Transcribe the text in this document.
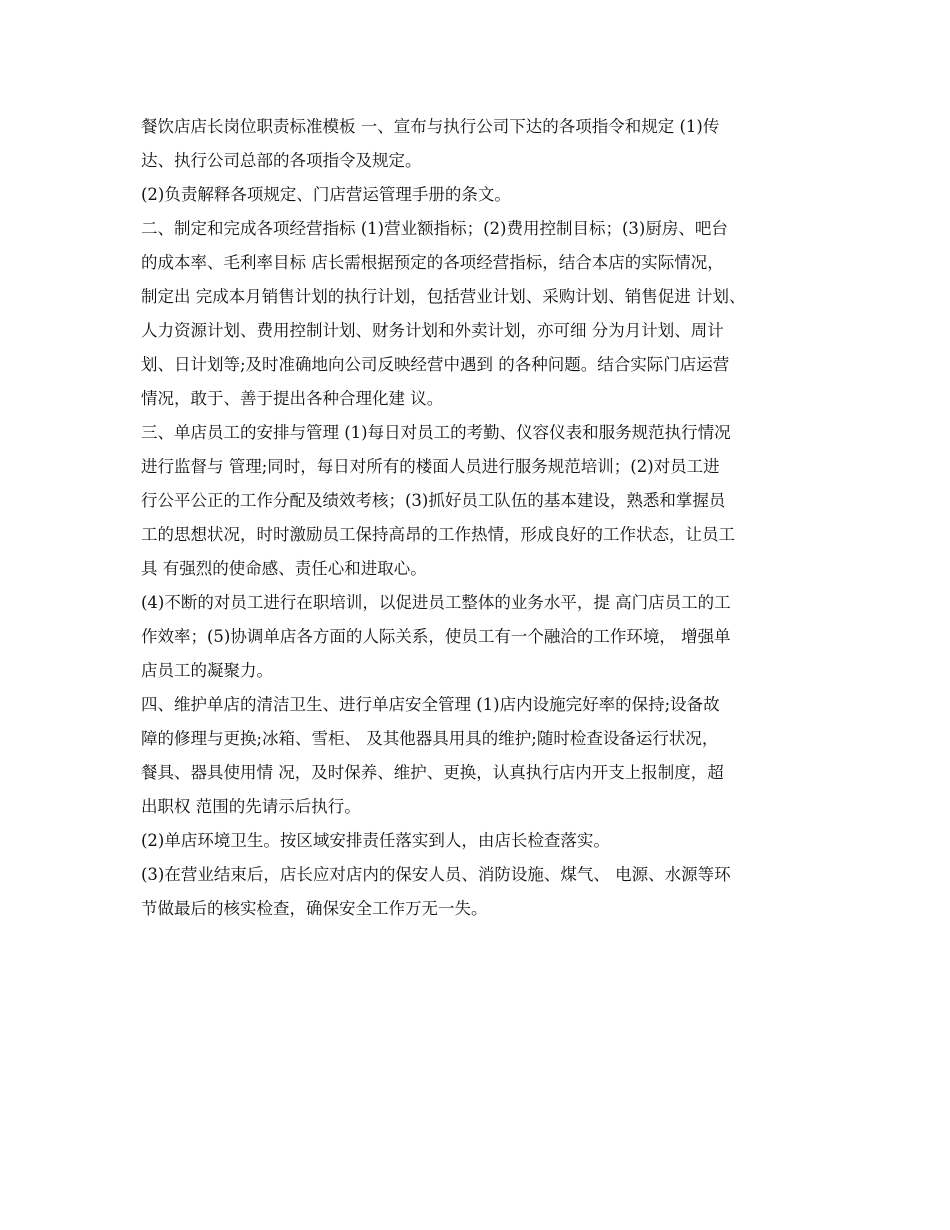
餐饮店店长岗位职责标准模板 一、宣布与执行公司下达的各项指令和规定 (1)传
达、执行公司总部的各项指令及规定。
(2)负责解释各项规定、门店营运管理手册的条文。
二、制定和完成各项经营指标 (1)营业额指标；(2)费用控制目标；(3)厨房、吧台
的成本率、毛利率目标 店长需根据预定的各项经营指标，结合本店的实际情况，
制定出 完成本月销售计划的执行计划，包括营业计划、采购计划、销售促进 计划、
人力资源计划、费用控制计划、财务计划和外卖计划，亦可细 分为月计划、周计
划、日计划等;及时准确地向公司反映经营中遇到 的各种问题。结合实际门店运营
情况，敢于、善于提出各种合理化建 议。
三、单店员工的安排与管理 (1)每日对员工的考勤、仪容仪表和服务规范执行情况
进行监督与 管理;同时，每日对所有的楼面人员进行服务规范培训；(2)对员工进
行公平公正的工作分配及绩效考核；(3)抓好员工队伍的基本建设，熟悉和掌握员
工的思想状况，时时激励员工保持高昂的工作热情，形成良好的工作状态，让员工
具 有强烈的使命感、责任心和进取心。
(4)不断的对员工进行在职培训，以促进员工整体的业务水平，提 高门店员工的工
作效率；(5)协调单店各方面的人际关系，使员工有一个融洽的工作环境， 增强单
店员工的凝聚力。
四、维护单店的清洁卫生、进行单店安全管理 (1)店内设施完好率的保持;设备故
障的修理与更换;冰箱、雪柜、 及其他器具用具的维护;随时检查设备运行状况，
餐具、器具使用情 况，及时保养、维护、更换，认真执行店内开支上报制度，超
出职权 范围的先请示后执行。
(2)单店环境卫生。按区域安排责任落实到人，由店长检查落实。
(3)在营业结束后，店长应对店内的保安人员、消防设施、煤气、 电源、水源等环
节做最后的核实检查，确保安全工作万无一失。
